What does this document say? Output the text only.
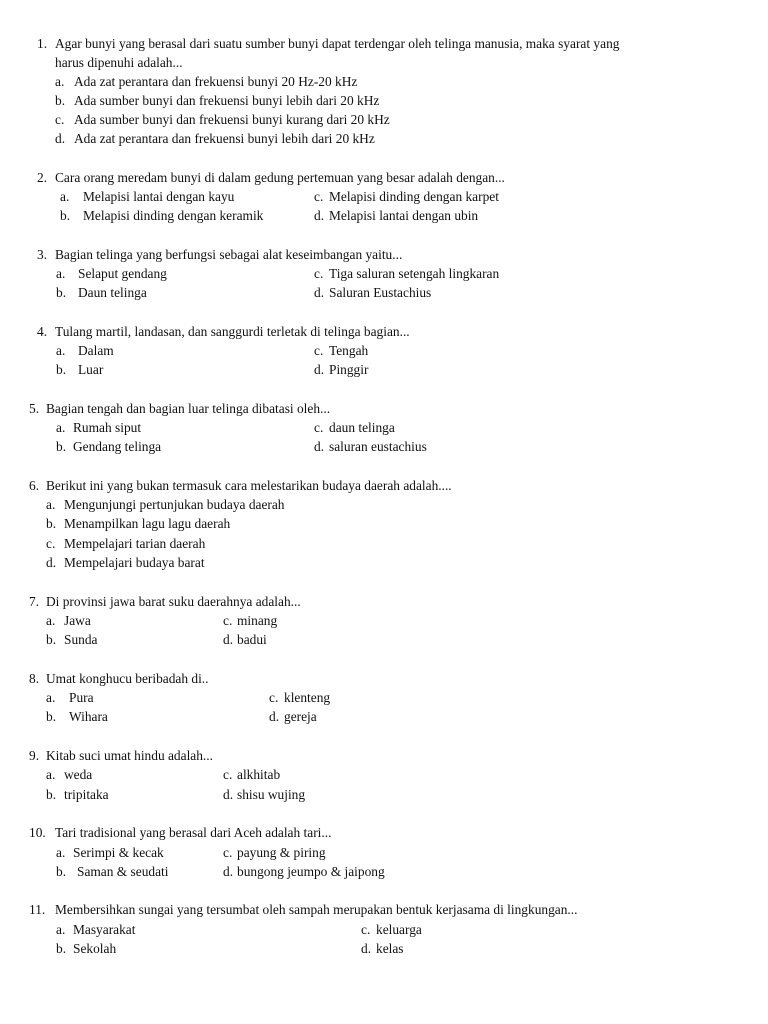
1. Agar bunyi yang berasal dari suatu sumber bunyi dapat terdengar oleh telinga manusia, maka syarat yang
harus dipenuhi adalah...
a. Ada zat perantara dan frekuensi bunyi 20 Hz-20 kHz
b. Ada sumber bunyi dan frekuensi bunyi lebih dari 20 kHz
c. Ada sumber bunyi dan frekuensi bunyi kurang dari 20 kHz
d. Ada zat perantara dan frekuensi bunyi lebih dari 20 kHz
2. Cara orang meredam bunyi di dalam gedung pertemuan yang besar adalah dengan...
a. Melapisi lantai dengan kayu	c. Melapisi dinding dengan karpet
b. Melapisi dinding dengan keramik	d. Melapisi lantai dengan ubin
3. Bagian telinga yang berfungsi sebagai alat keseimbangan yaitu...
a. Selaput gendang	c. Tiga saluran setengah lingkaran
b. Daun telinga	d. Saluran Eustachius
4. Tulang martil, landasan, dan sanggurdi terletak di telinga bagian...
a. Dalam	c. Tengah
b. Luar	d. Pinggir
5. Bagian tengah dan bagian luar telinga dibatasi oleh...
a. Rumah siput	c. daun telinga
b. Gendang telinga	d. saluran eustachius
6. Berikut ini yang bukan termasuk cara melestarikan budaya daerah adalah....
a. Mengunjungi pertunjukan budaya daerah
b. Menampilkan lagu lagu daerah
c. Mempelajari tarian daerah
d. Mempelajari budaya barat
7. Di provinsi jawa barat suku daerahnya adalah...
a. Jawa	c. minang
b. Sunda	d. badui
8. Umat konghucu beribadah di..
a. Pura	c. klenteng
b. Wihara	d. gereja
9. Kitab suci umat hindu adalah...
a. weda	c. alkhitab
b. tripitaka	d. shisu wujing
10. Tari tradisional yang berasal dari Aceh adalah tari...
a. Serimpi & kecak	c. payung & piring
b. Saman & seudati	d. bungong jeumpo & jaipong
11. Membersihkan sungai yang tersumbat oleh sampah merupakan bentuk kerjasama di lingkungan...
a. Masyarakat	c. keluarga
b. Sekolah	d. kelas
